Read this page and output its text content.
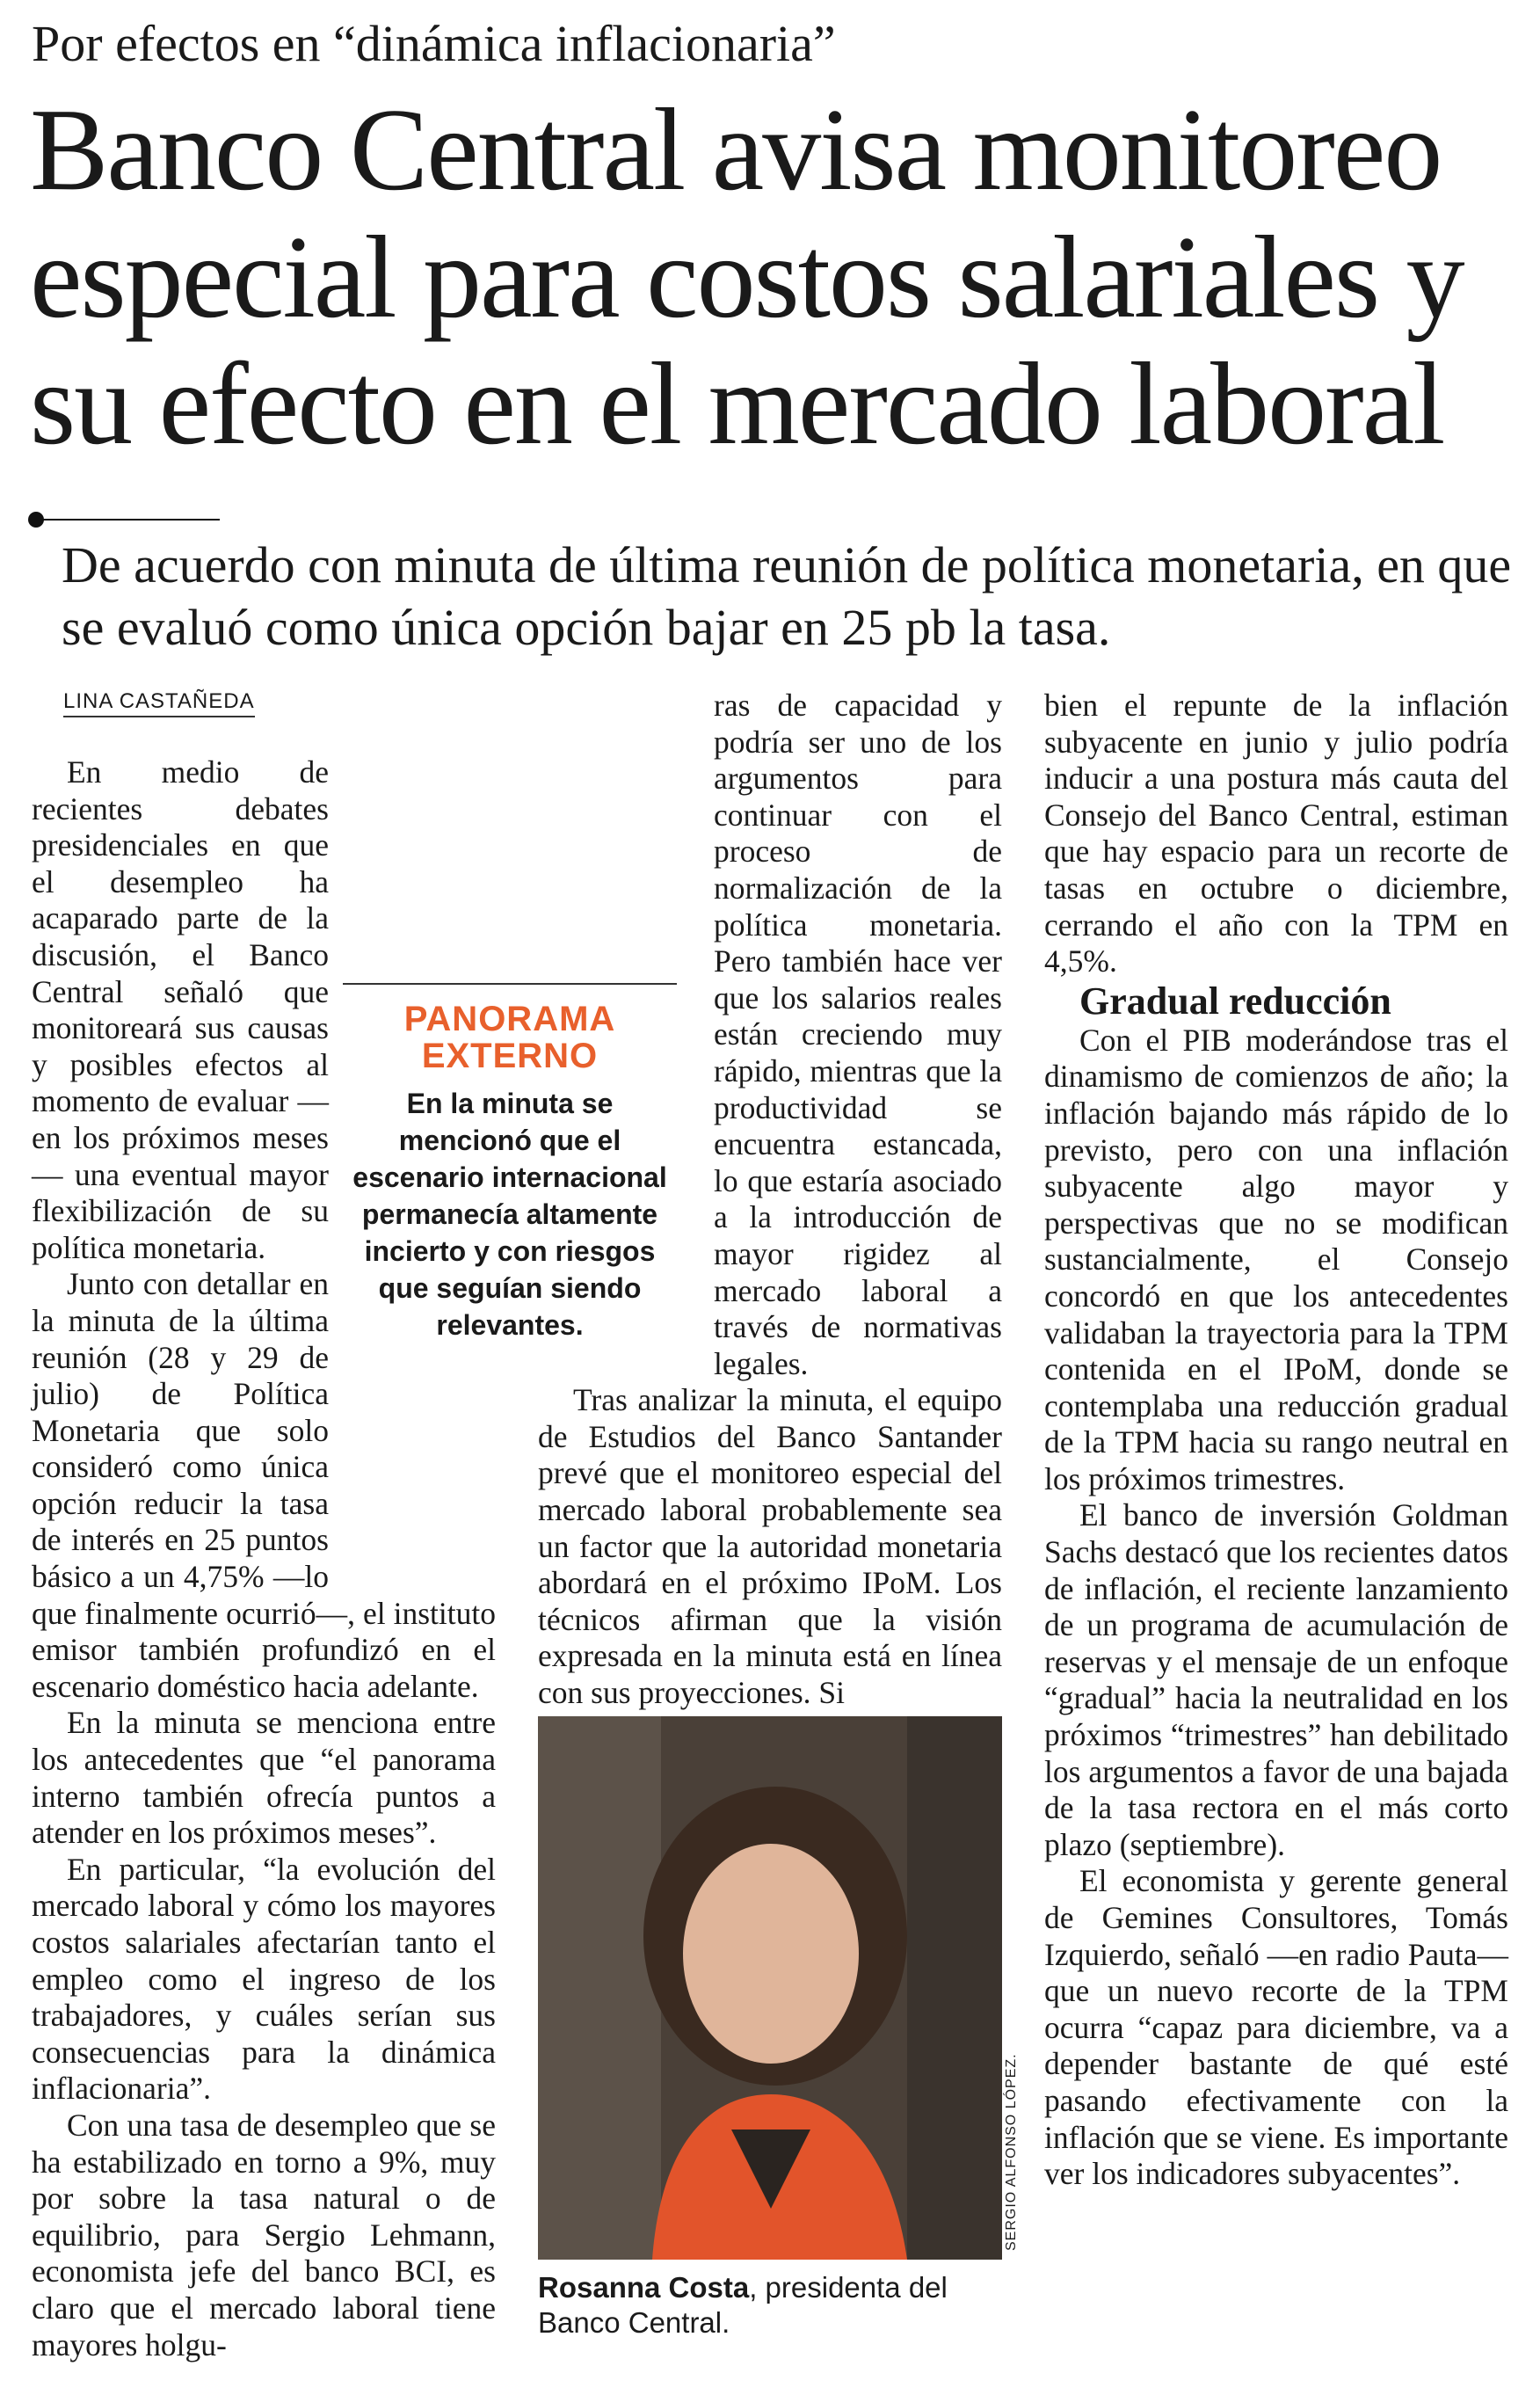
Por efectos en “dinámica inflacionaria”
Banco Central avisa monitoreo especial para costos salariales y su efecto en el mercado laboral
De acuerdo con minuta de última reunión de política monetaria, en que se evaluó como única opción bajar en 25 pb la tasa.
LINA CASTAÑEDA

En medio de recientes debates presidenciales en que el desempleo ha acaparado parte de la discusión, el Banco Central señaló que monitoreará sus causas y posibles efectos al momento de evaluar —en los próximos meses— una eventual mayor flexibilización de su política monetaria.

Junto con detallar en la minuta de la última reunión (28 y 29 de julio) de Política Monetaria que solo consideró como única opción reducir la tasa de interés en 25 puntos básico a un 4,75% —lo que finalmente ocurrió—, el instituto emisor también profundizó en el escenario doméstico hacia adelante.

En la minuta se menciona entre los antecedentes que “el panorama interno también ofrecía puntos a atender en los próximos meses”.

En particular, “la evolución del mercado laboral y cómo los mayores costos salariales afectarían tanto el empleo como el ingreso de los trabajadores, y cuáles serían sus consecuencias para la dinámica inflacionaria”.

Con una tasa de desempleo que se ha estabilizado en torno a 9%, muy por sobre la tasa natural o de equilibrio, para Sergio Lehmann, economista jefe del banco BCI, es claro que el mercado laboral tiene mayores holgu-

ras de capacidad y podría ser uno de los argumentos para continuar con el proceso de normalización de la política monetaria. Pero también hace ver que los salarios reales están creciendo muy rápido, mientras que la productividad se encuentra estancada, lo que estaría asociado a la introducción de mayor rigidez al mercado laboral a través de normativas legales.

Tras analizar la minuta, el equipo de Estudios del Banco Santander prevé que el monitoreo especial del mercado laboral probablemente sea un factor que la autoridad monetaria abordará en el próximo IPoM. Los técnicos afirman que la visión expresada en la minuta está en línea con sus proyecciones. Si

PANORAMA EXTERNO
En la minuta se mencionó que el escenario internacional permanecía altamente incierto y con riesgos que seguían siendo relevantes.

bien el repunte de la inflación subyacente en junio y julio podría inducir a una postura más cauta del Consejo del Banco Central, estiman que hay espacio para un recorte de tasas en octubre o diciembre, cerrando el año con la TPM en 4,5%.

Gradual reducción

Con el PIB moderándose tras el dinamismo de comienzos de año; la inflación bajando más rápido de lo previsto, pero con una inflación subyacente algo mayor y perspectivas que no se modifican sustancialmente, el Consejo concordó en que los antecedentes validaban la trayectoria para la TPM contenida en el IPoM, donde se contemplaba una reducción gradual de la TPM hacia su rango neutral en los próximos trimestres.

El banco de inversión Goldman Sachs destacó que los recientes datos de inflación, el reciente lanzamiento de un programa de acumulación de reservas y el mensaje de un enfoque “gradual” hacia la neutralidad en los próximos “trimestres” han debilitado los argumentos a favor de una bajada de la tasa rectora en el más corto plazo (septiembre).

El economista y gerente general de Gemines Consultores, Tomás Izquierdo, señaló —en radio Pauta— que un nuevo recorte de la TPM ocurra “capaz para diciembre, va a depender bastante de qué esté pasando efectivamente con la inflación que se viene. Es importante ver los indicadores subyacentes”.

SERGIO ALFONSO LÓPEZ.
Rosanna Costa, presidenta del Banco Central.
